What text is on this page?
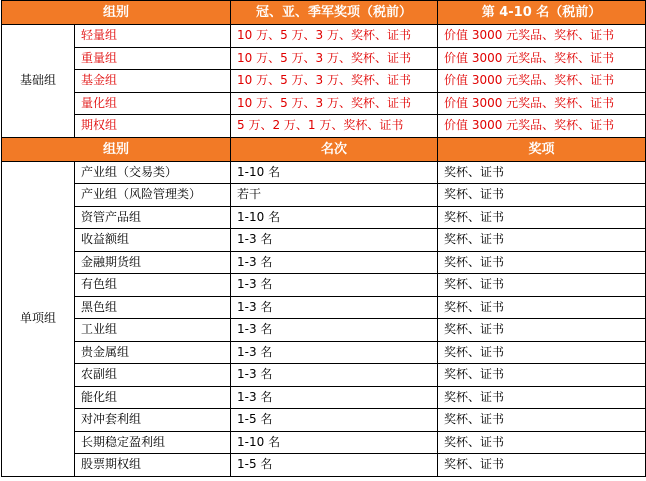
组别		冠、亚、季军奖项（税前）	第 4-10 名（税前）
基础组	轻量组	10 万、5 万、3 万、奖杯、证书	价值 3000 元奖品、奖杯、证书
	重量组	10 万、5 万、3 万、奖杯、证书	价值 3000 元奖品、奖杯、证书
	基金组	10 万、5 万、3 万、奖杯、证书	价值 3000 元奖品、奖杯、证书
	量化组	10 万、5 万、3 万、奖杯、证书	价值 3000 元奖品、奖杯、证书
	期权组	5 万、2 万、1 万、奖杯、证书	价值 3000 元奖品、奖杯、证书
组别		名次	奖项
单项组	产业组（交易类）	1-10 名	奖杯、证书
	产业组（风险管理类）	若干	奖杯、证书
	资管产品组	1-10 名	奖杯、证书
	收益额组	1-3 名	奖杯、证书
	金融期货组	1-3 名	奖杯、证书
	有色组	1-3 名	奖杯、证书
	黑色组	1-3 名	奖杯、证书
	工业组	1-3 名	奖杯、证书
	贵金属组	1-3 名	奖杯、证书
	农副组	1-3 名	奖杯、证书
	能化组	1-3 名	奖杯、证书
	对冲套利组	1-5 名	奖杯、证书
	长期稳定盈利组	1-10 名	奖杯、证书
	股票期权组	1-5 名	奖杯、证书
